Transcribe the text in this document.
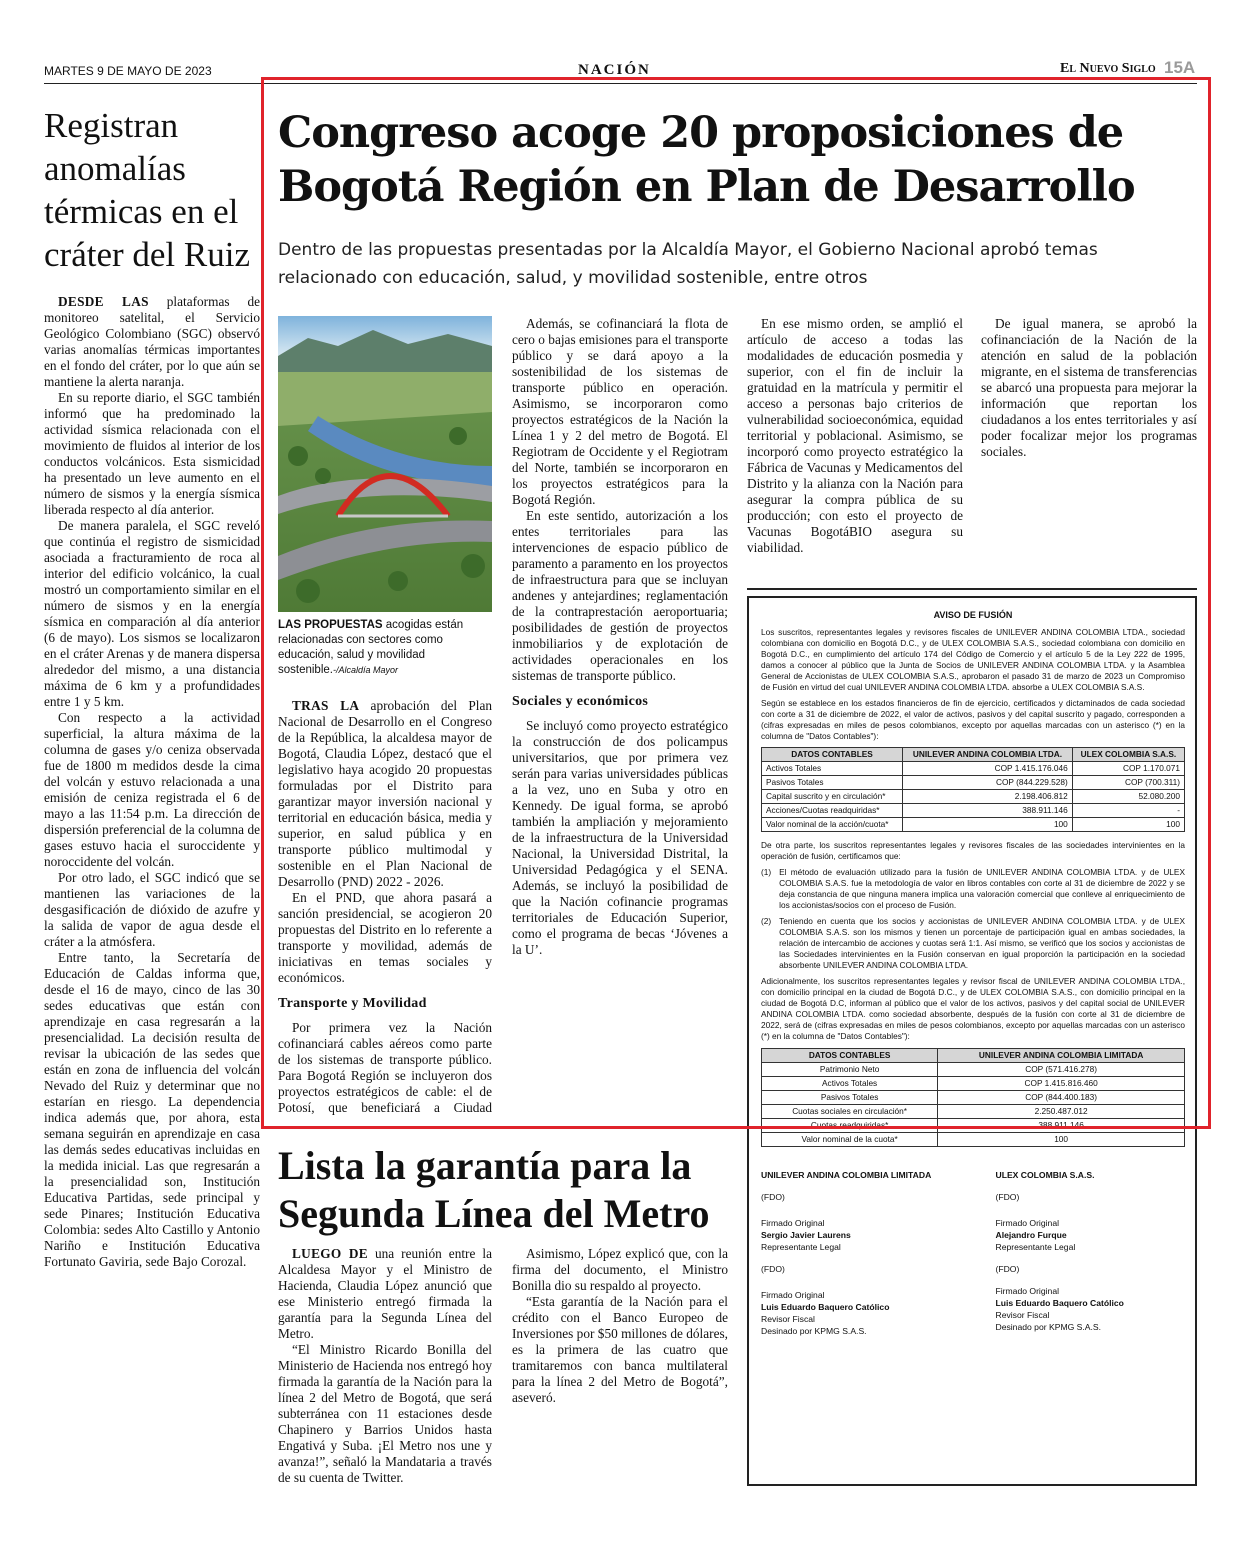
MARTES 9 DE MAYO DE 2023	NACIÓN	El Nuevo Siglo 15A
Registran anomalías térmicas en el cráter del Ruiz

DESDE LAS plataformas de monitoreo satelital, el Servicio Geológico Colombiano (SGC) observó varias anomalías térmicas importantes en el fondo del cráter, por lo que aún se mantiene la alerta naranja.

En su reporte diario, el SGC también informó que ha predominado la actividad sísmica relacionada con el movimiento de fluidos al interior de los conductos volcánicos. Esta sismicidad ha presentado un leve aumento en el número de sismos y la energía sísmica liberada respecto al día anterior.

De manera paralela, el SGC reveló que continúa el registro de sismicidad asociada a fracturamiento de roca al interior del edificio volcánico, la cual mostró un comportamiento similar en el número de sismos y en la energía sísmica en comparación al día anterior (6 de mayo). Los sismos se localizaron en el cráter Arenas y de manera dispersa alrededor del mismo, a una distancia máxima de 6 km y a profundidades entre 1 y 5 km.

Con respecto a la actividad superficial, la altura máxima de la columna de gases y/o ceniza observada fue de 1800 m medidos desde la cima del volcán y estuvo relacionada a una emisión de ceniza registrada el 6 de mayo a las 11:54 p.m. La dirección de dispersión preferencial de la columna de gases estuvo hacia el suroccidente y noroccidente del volcán.

Por otro lado, el SGC indicó que se mantienen las variaciones de la desgasificación de dióxido de azufre y la salida de vapor de agua desde el cráter a la atmósfera.

Entre tanto, la Secretaría de Educación de Caldas informa que, desde el 16 de mayo, cinco de las 30 sedes educativas que están con aprendizaje en casa regresarán a la presencialidad. La decisión resulta de revisar la ubicación de las sedes que están en zona de influencia del volcán Nevado del Ruiz y determinar que no estarían en riesgo. La dependencia indica además que, por ahora, esta semana seguirán en aprendizaje en casa las demás sedes educativas incluidas en la medida inicial. Las que regresarán a la presencialidad son, Institución Educativa Partidas, sede principal y sede Pinares; Institución Educativa Colombia: sedes Alto Castillo y Antonio Nariño e Institución Educativa Fortunato Gaviria, sede Bajo Corozal.

Congreso acoge 20 proposiciones de Bogotá Región en Plan de Desarrollo
Dentro de las propuestas presentadas por la Alcaldía Mayor, el Gobierno Nacional aprobó temas relacionado con educación, salud, y movilidad sostenible, entre otros
LAS PROPUESTAS acogidas están relacionadas con sectores como educación, salud y movilidad sostenible.-/Alcaldía Mayor

TRAS LA aprobación del Plan Nacional de Desarrollo en el Congreso de la República, la alcaldesa mayor de Bogotá, Claudia López, destacó que el legislativo haya acogido 20 propuestas formuladas por el Distrito para garantizar mayor inversión nacional y territorial en educación básica, media y superior, en salud pública y en transporte público multimodal y sostenible en el Plan Nacional de Desarrollo (PND) 2022 - 2026.

En el PND, que ahora pasará a sanción presidencial, se acogieron 20 propuestas del Distrito en lo referente a transporte y movilidad, además de iniciativas en temas sociales y económicos.

Transporte y Movilidad

Por primera vez la Nación cofinanciará cables aéreos como parte de los sistemas de transporte público. Para Bogotá Región se incluyeron dos proyectos estratégicos de cable: el de Potosí, que beneficiará a Ciudad

Además, se cofinanciará la flota de cero o bajas emisiones para el transporte público y se dará apoyo a la sostenibilidad de los sistemas de transporte público en operación. Asimismo, se incorporaron como proyectos estratégicos de la Nación la Línea 1 y 2 del metro de Bogotá. El Regiotram de Occidente y el Regiotram del Norte, también se incorporaron en los proyectos estratégicos para la Bogotá Región.

En este sentido, autorización a los entes territoriales para las intervenciones de espacio público de paramento a paramento en los proyectos de infraestructura para que se incluyan andenes y antejardines; reglamentación de la contraprestación aeroportuaria; posibilidades de gestión de proyectos inmobiliarios y de explotación de actividades operacionales en los sistemas de transporte público.

Sociales y económicos

Se incluyó como proyecto estratégico la construcción de dos policampus universitarios, que por primera vez serán para varias universidades públicas a la vez, uno en Suba y otro en Kennedy. De igual forma, se aprobó también la ampliación y mejoramiento de la infraestructura de la Universidad Nacional, la Universidad Distrital, la Universidad Pedagógica y el SENA. Además, se incluyó la posibilidad de que la Nación cofinancie programas territoriales de Educación Superior, como el programa de becas ‘Jóvenes a la U’.

En ese mismo orden, se amplió el artículo de acceso a todas las modalidades de educación posmedia y superior, con el fin de incluir la gratuidad en la matrícula y permitir el acceso a personas bajo criterios de vulnerabilidad socioeconómica, equidad territorial y poblacional. Asimismo, se incorporó como proyecto estratégico la Fábrica de Vacunas y Medicamentos del Distrito y la alianza con la Nación para asegurar la compra pública de su producción; con esto el proyecto de Vacunas BogotáBIO asegura su viabilidad.

De igual manera, se aprobó la cofinanciación de la Nación de la atención en salud de la población migrante, en el sistema de transferencias se abarcó una propuesta para mejorar la información que reportan los ciudadanos a los entes territoriales y así poder focalizar mejor los programas sociales.

AVISO DE FUSIÓN

Los suscritos, representantes legales y revisores fiscales de UNILEVER ANDINA COLOMBIA LTDA., sociedad colombiana con domicilio en Bogotá D.C., y de ULEX COLOMBIA S.A.S., sociedad colombiana con domicilio en Bogotá D.C., en cumplimiento del artículo 174 del Código de Comercio y el artículo 5 de la Ley 222 de 1995, damos a conocer al público que la Junta de Socios de UNILEVER ANDINA COLOMBIA LTDA. y la Asamblea General de Accionistas de ULEX COLOMBIA S.A.S., aprobaron el pasado 31 de marzo de 2023 un Compromiso de Fusión en virtud del cual UNILEVER ANDINA COLOMBIA LTDA. absorbe a ULEX COLOMBIA S.A.S.

Según se establece en los estados financieros de fin de ejercicio, certificados y dictaminados de cada sociedad con corte a 31 de diciembre de 2022, el valor de activos, pasivos y del capital suscrito y pagado, corresponden a (cifras expresadas en miles de pesos colombianos, excepto por aquellas marcadas con un asterisco (*) en la columna de "Datos Contables"):

DATOS CONTABLES	UNILEVER ANDINA COLOMBIA LTDA.	ULEX COLOMBIA S.A.S.
Activos Totales	COP 1.415.176.046	COP 1.170.071
Pasivos Totales	COP (844.229.528)	COP (700.311)
Capital suscrito y en circulación*	2.198.406.812	52.080.200
Acciones/Cuotas readquiridas*	388.911.146	-
Valor nominal de la acción/cuota*	100	100

De otra parte, los suscritos representantes legales y revisores fiscales de las sociedades intervinientes en la operación de fusión, certificamos que:

(1) El método de evaluación utilizado para la fusión de UNILEVER ANDINA COLOMBIA LTDA. y de ULEX COLOMBIA S.A.S. fue la metodología de valor en libros contables con corte al 31 de diciembre de 2022 y se deja constancia de que ninguna manera implica una valoración comercial que conlleve al enriquecimiento de los accionistas/socios con el proceso de Fusión.
(2) Teniendo en cuenta que los socios y accionistas de UNILEVER ANDINA COLOMBIA LTDA. y de ULEX COLOMBIA S.A.S. son los mismos y tienen un porcentaje de participación igual en ambas sociedades, la relación de intercambio de acciones y cuotas será 1:1. Así mismo, se verificó que los socios y accionistas de las Sociedades intervinientes en la Fusión conservan en igual proporción la participación en la sociedad absorbente UNILEVER ANDINA COLOMBIA LTDA.

Adicionalmente, los suscritos representantes legales y revisor fiscal de UNILEVER ANDINA COLOMBIA LTDA., con domicilio principal en la ciudad de Bogotá D.C., y de ULEX COLOMBIA S.A.S., con domicilio principal en la ciudad de Bogotá D.C, informan al público que el valor de los activos, pasivos y del capital social de UNILEVER ANDINA COLOMBIA LTDA. como sociedad absorbente, después de la fusión con corte al 31 de diciembre de 2022, será de (cifras expresadas en miles de pesos colombianos, excepto por aquellas marcadas con un asterisco (*) en la columna de "Datos Contables"):

DATOS CONTABLES	UNILEVER ANDINA COLOMBIA LIMITADA
Patrimonio Neto	COP (571.416.278)
Activos Totales	COP 1.415.816.460
Pasivos Totales	COP (844.400.183)
Cuotas sociales en circulación*	2.250.487.012
Cuotas readquiridas*	388.911.146
Valor nominal de la cuota*	100
UNILEVER ANDINA COLOMBIA LIMITADA
(FDO)
Firmado Original
Sergio Javier Laurens
Representante Legal
(FDO)
Firmado Original
Luis Eduardo Baquero Católico
Revisor Fiscal
Desinado por KPMG S.A.S.
ULEX COLOMBIA S.A.S.
(FDO)
Firmado Original
Alejandro Furque
Representante Legal
(FDO)
Firmado Original
Luis Eduardo Baquero Católico
Revisor Fiscal
Desinado por KPMG S.A.S.
Lista la garantía para la Segunda Línea del Metro

LUEGO DE una reunión entre la Alcaldesa Mayor y el Ministro de Hacienda, Claudia López anunció que ese Ministerio entregó firmada la garantía para la Segunda Línea del Metro.

“El Ministro Ricardo Bonilla del Ministerio de Hacienda nos entregó hoy firmada la garantía de la Nación para la línea 2 del Metro de Bogotá, que será subterránea con 11 estaciones desde Chapinero y Barrios Unidos hasta Engativá y Suba. ¡El Metro nos une y avanza!”, señaló la Mandataria a través de su cuenta de Twitter.

Asimismo, López explicó que, con la firma del documento, el Ministro Bonilla dio su respaldo al proyecto.

“Esta garantía de la Nación para el crédito con el Banco Europeo de Inversiones por $50 millones de dólares, es la primera de las cuatro que tramitaremos con banca multilateral para la línea 2 del Metro de Bogotá”, aseveró.
